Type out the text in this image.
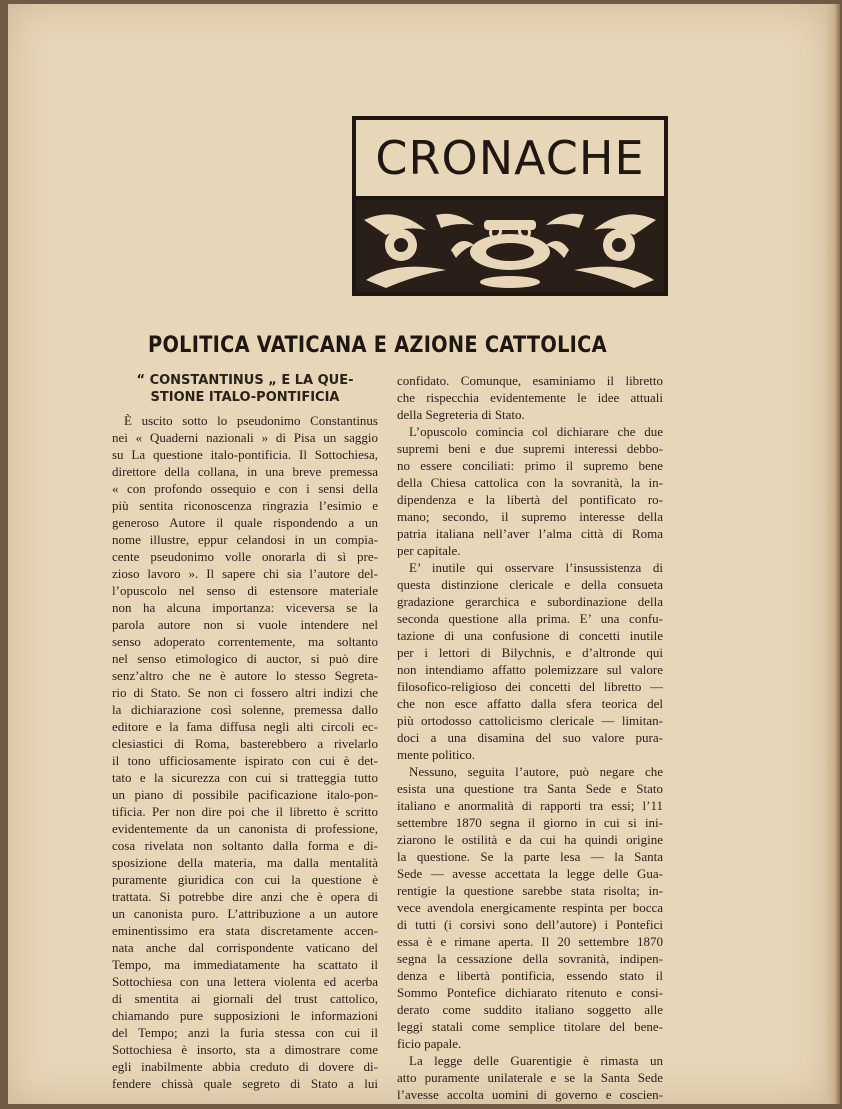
CRONACHE
POLITICA VATICANA E AZIONE CATTOLICA
“ CONSTANTINUS „ E LA QUE-
STIONE ITALO-PONTIFICIA
È uscito sotto lo pseudonimo Constantinus
nei « Quaderni nazionali » di Pisa un saggio
su La questione italo-pontificia. Il Sottochiesa,
direttore della collana, in una breve premessa
« con profondo ossequio e con i sensi della
più sentita riconoscenza ringrazia l’esimio e
generoso Autore il quale rispondendo a un
nome illustre, eppur celandosi in un compia-
cente pseudonimo volle onorarla di sì pre-
zioso lavoro ». Il sapere chi sia l’autore del-
l’opuscolo nel senso di estensore materiale
non ha alcuna importanza: viceversa se la
parola autore non si vuole intendere nel
senso adoperato correntemente, ma soltanto
nel senso etimologico di auctor, si può dire
senz’altro che ne è autore lo stesso Segreta-
rio di Stato. Se non ci fossero altri indizi che
la dichiarazione così solenne, premessa dallo
editore e la fama diffusa negli alti circoli ec-
clesiastici di Roma, basterebbero a rivelarlo
il tono ufficiosamente ispirato con cui è det-
tato e la sicurezza con cui si tratteggia tutto
un piano di possibile pacificazione italo-pon-
tificia. Per non dire poi che il libretto è scritto
evidentemente da un canonista di professione,
cosa rivelata non soltanto dalla forma e di-
sposizione della materia, ma dalla mentalità
puramente giuridica con cui la questione è
trattata. Si potrebbe dire anzi che è opera di
un canonista puro. L’attribuzione a un autore
eminentissimo era stata discretamente accen-
nata anche dal corrispondente vaticano del
Tempo, ma immediatamente ha scattato il
Sottochiesa con una lettera violenta ed acerba
di smentita ai giornali del trust cattolico,
chiamando pure supposizioni le informazioni
del Tempo; anzi la furia stessa con cui il
Sottochiesa è insorto, sta a dimostrare come
egli inabilmente abbia creduto di dovere di-
fendere chissà quale segreto di Stato a lui
confidato. Comunque, esaminiamo il libretto
che rispecchia evidentemente le idee attuali
della Segreteria di Stato.
L’opuscolo comincia col dichiarare che due
supremi beni e due supremi interessi debbo-
no essere conciliati: primo il supremo bene
della Chiesa cattolica con la sovranità, la in-
dipendenza e la libertà del pontificato ro-
mano; secondo, il supremo interesse della
patria italiana nell’aver l’alma città di Roma
per capitale.
E’ inutile qui osservare l’insussistenza di
questa distinzione clericale e della consueta
gradazione gerarchica e subordinazione della
seconda questione alla prima. E’ una confu-
tazione di una confusione di concetti inutile
per i lettori di Bilychnis, e d’altronde qui
non intendiamo affatto polemizzare sul valore
filosofico-religioso dei concetti del libretto —
che non esce affatto dalla sfera teorica del
più ortodosso cattolicismo clericale — limitan-
doci a una disamina del suo valore pura-
mente politico.
Nessuno, seguita l’autore, può negare che
esista una questione tra Santa Sede e Stato
italiano e anormalità di rapporti tra essi; l’11
settembre 1870 segna il giorno in cui si ini-
ziarono le ostilità e da cui ha quindi origine
la questione. Se la parte lesa — la Santa
Sede — avesse accettata la legge delle Gua-
rentigie la questione sarebbe stata risolta; in-
vece avendola energicamente respinta per bocca
di tutti (i corsivi sono dell’autore) i Pontefici
essa è e rimane aperta. Il 20 settembre 1870
segna la cessazione della sovranità, indipen-
denza e libertà pontificia, essendo stato il
Sommo Pontefice dichiarato ritenuto e consi-
derato come suddito italiano soggetto alle
leggi statali come semplice titolare del bene-
ficio papale.
La legge delle Guarentigie è rimasta un
atto puramente unilaterale e se la Santa Sede
l’avesse accolta uomini di governo e coscien-
